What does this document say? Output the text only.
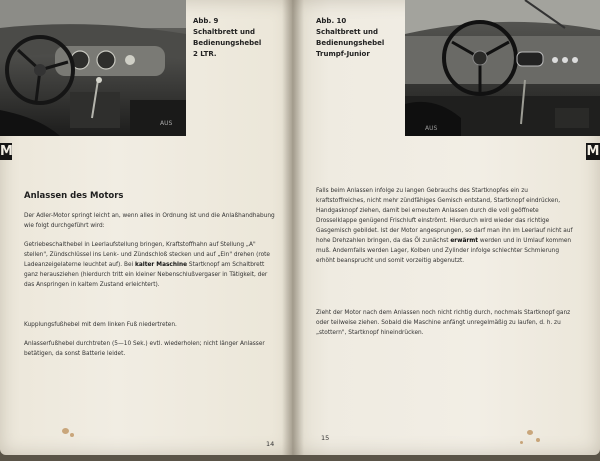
AUS
Abb. 9
Schaltbrett und
Bedienungshebel
2 LTR.
M
Anlassen des Motors
Der Adler-Motor springt leicht an, wenn alles in Ordnung ist und die Anlaßhandhabung wie folgt durchgeführt wird:
Getriebeschalthebel in Leerlaufstellung bringen, Kraftstoffhahn auf Stellung „A" stellen", Zündschlüssel ins Lenk- und Zündschloß stecken und auf „Ein" drehen (rote Ladeanzeigelaterne leuchtet auf). Bei kalter Maschine Startknopf am Schaltbrett ganz herausziehen (hierdurch tritt ein kleiner Nebenschlußvergaser in Tätigkeit, der das Anspringen in kaltem Zustand erleichtert).
Kupplungsfußhebel mit dem linken Fuß niedertreten.
Anlasserfußhebel durchtreten (5—10 Sek.) evtl. wiederholen; nicht länger Anlasser betätigen, da sonst Batterie leidet.
14
AUS
Abb. 10
Schaltbrett und
Bedienungshebel
Trumpf-Junior
M
Falls beim Anlassen infolge zu langen Gebrauchs des Startknopfes ein zu kraftstoffreiches, nicht mehr zündfähiges Gemisch entstand, Startknopf eindrücken, Handgasknopf ziehen, damit bei erneutem Anlassen durch die voll geöffnete Drosselklappe genügend Frischluft einströmt. Hierdurch wird wieder das richtige Gasgemisch gebildet. Ist der Motor angesprungen, so darf man ihn im Leerlauf nicht auf hohe Drehzahlen bringen, da das Öl zunächst erwärmt werden und in Umlauf kommen muß. Andernfalls werden Lager, Kolben und Zylinder infolge schlechter Schmierung erhöht beansprucht und somit vorzeitig abgenutzt.
Zieht der Motor nach dem Anlassen noch nicht richtig durch, nochmals Startknopf ganz oder teilweise ziehen. Sobald die Maschine anfängt unregelmäßig zu laufen, d. h. zu „stottern", Startknopf hineindrücken.
15
